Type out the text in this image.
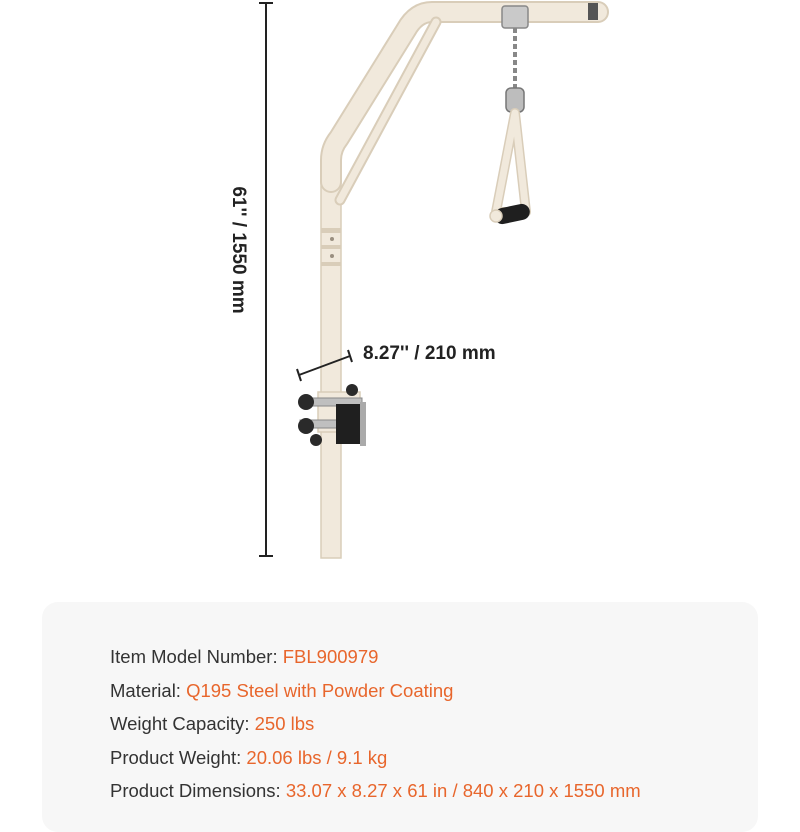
61'' / 1550 mm
8.27'' / 210 mm
Item Model Number: FBL900979
Material: Q195 Steel with Powder Coating
Weight Capacity: 250 lbs
Product Weight: 20.06 lbs / 9.1 kg
Product Dimensions: 33.07 x 8.27 x 61 in / 840 x 210 x 1550 mm
